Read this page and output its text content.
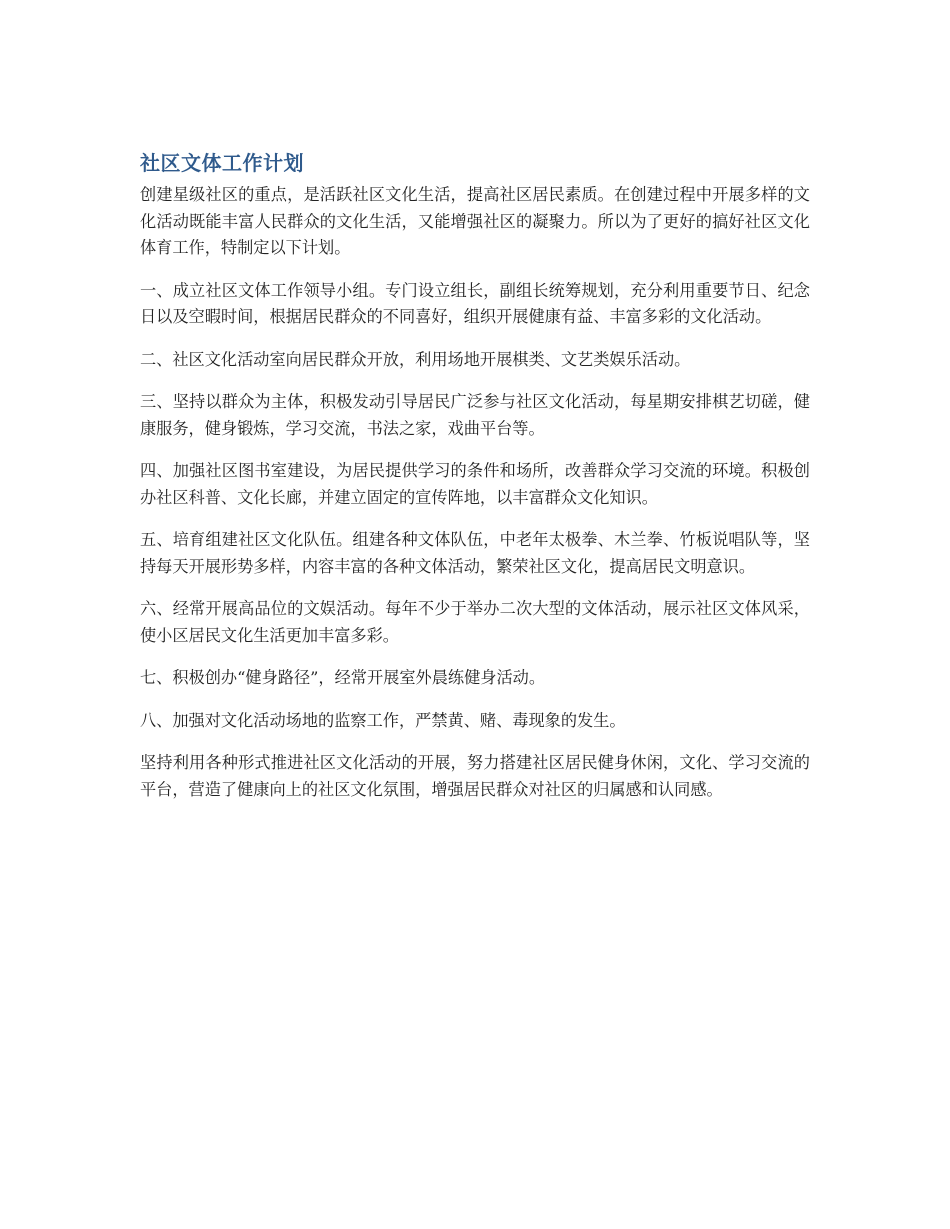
社区文体工作计划

创建星级社区的重点，是活跃社区文化生活，提高社区居民素质。在创建过程中开展多样的文化活动既能丰富人民群众的文化生活，又能增强社区的凝聚力。所以为了更好的搞好社区文化体育工作，特制定以下计划。

一、成立社区文体工作领导小组。专门设立组长，副组长统筹规划，充分利用重要节日、纪念日以及空暇时间，根据居民群众的不同喜好，组织开展健康有益、丰富多彩的文化活动。

二、社区文化活动室向居民群众开放，利用场地开展棋类、文艺类娱乐活动。

三、坚持以群众为主体，积极发动引导居民广泛参与社区文化活动，每星期安排棋艺切磋，健康服务，健身锻炼，学习交流，书法之家，戏曲平台等。

四、加强社区图书室建设，为居民提供学习的条件和场所，改善群众学习交流的环境。积极创办社区科普、文化长廊，并建立固定的宣传阵地，以丰富群众文化知识。

五、培育组建社区文化队伍。组建各种文体队伍，中老年太极拳、木兰拳、竹板说唱队等，坚持每天开展形势多样，内容丰富的各种文体活动，繁荣社区文化，提高居民文明意识。

六、经常开展高品位的文娱活动。每年不少于举办二次大型的文体活动，展示社区文体风采，使小区居民文化生活更加丰富多彩。

七、积极创办“健身路径”，经常开展室外晨练健身活动。

八、加强对文化活动场地的监察工作，严禁黄、赌、毒现象的发生。

坚持利用各种形式推进社区文化活动的开展，努力搭建社区居民健身休闲，文化、学习交流的平台，营造了健康向上的社区文化氛围，增强居民群众对社区的归属感和认同感。
